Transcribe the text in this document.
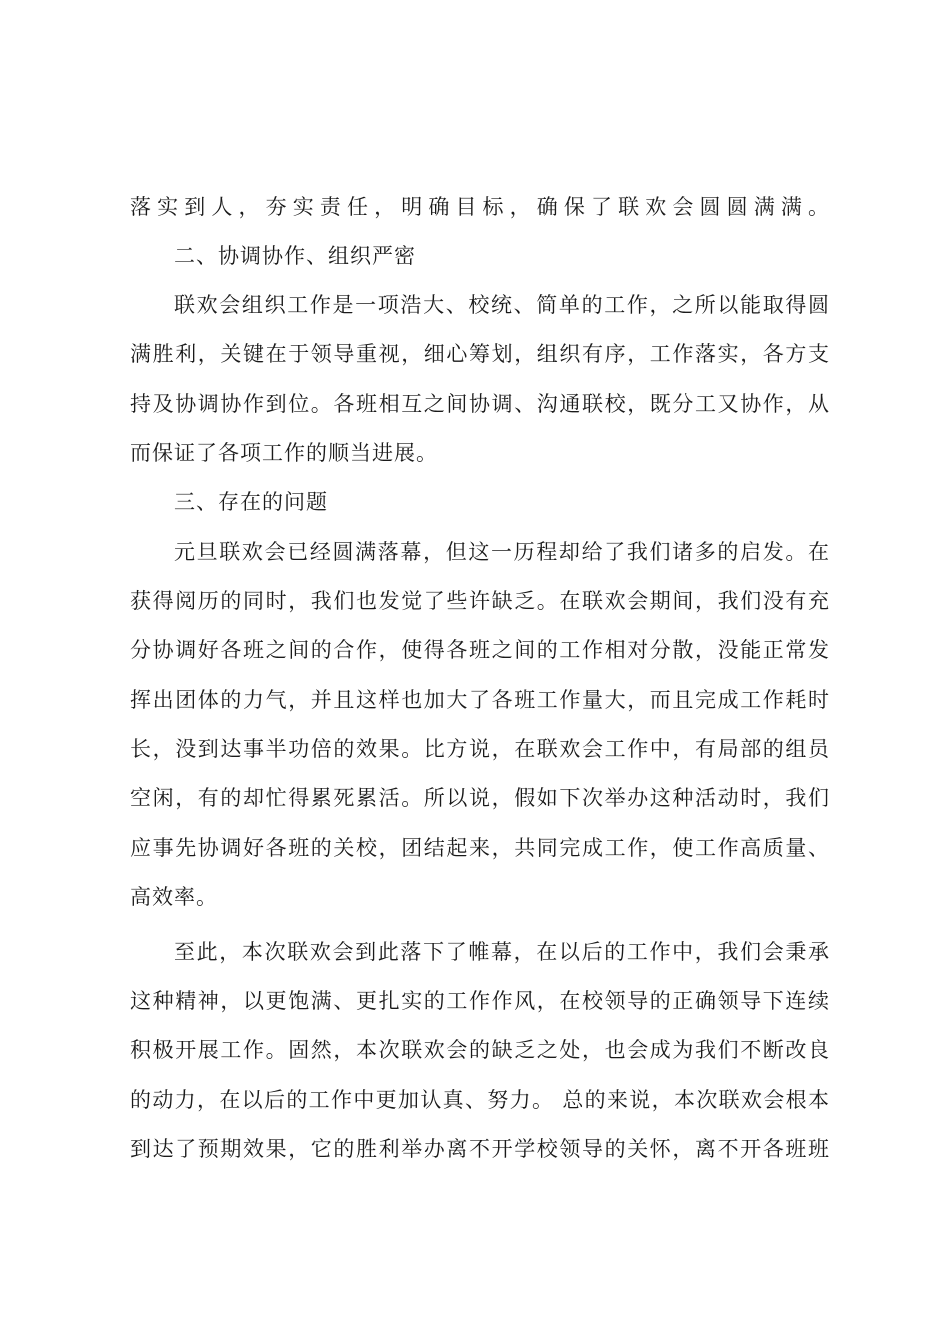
落实到人，夯实责任，明确目标，确保了联欢会圆圆满满。
二、协调协作、组织严密
联欢会组织工作是一项浩大、校统、简单的工作，之所以能取得圆
满胜利，关键在于领导重视，细心筹划，组织有序，工作落实，各方支
持及协调协作到位。各班相互之间协调、沟通联校，既分工又协作，从
而保证了各项工作的顺当进展。
三、存在的问题
元旦联欢会已经圆满落幕，但这一历程却给了我们诸多的启发。在
获得阅历的同时，我们也发觉了些许缺乏。在联欢会期间，我们没有充
分协调好各班之间的合作，使得各班之间的工作相对分散，没能正常发
挥出团体的力气，并且这样也加大了各班工作量大，而且完成工作耗时
长，没到达事半功倍的效果。比方说，在联欢会工作中，有局部的组员
空闲，有的却忙得累死累活。所以说，假如下次举办这种活动时，我们
应事先协调好各班的关校，团结起来，共同完成工作，使工作高质量、
高效率。
至此，本次联欢会到此落下了帷幕，在以后的工作中，我们会秉承
这种精神，以更饱满、更扎实的工作作风，在校领导的正确领导下连续
积极开展工作。固然，本次联欢会的缺乏之处，也会成为我们不断改良
的动力，在以后的工作中更加认真、努力。 总的来说，本次联欢会根本
到达了预期效果，它的胜利举办离不开学校领导的关怀，离不开各班班
